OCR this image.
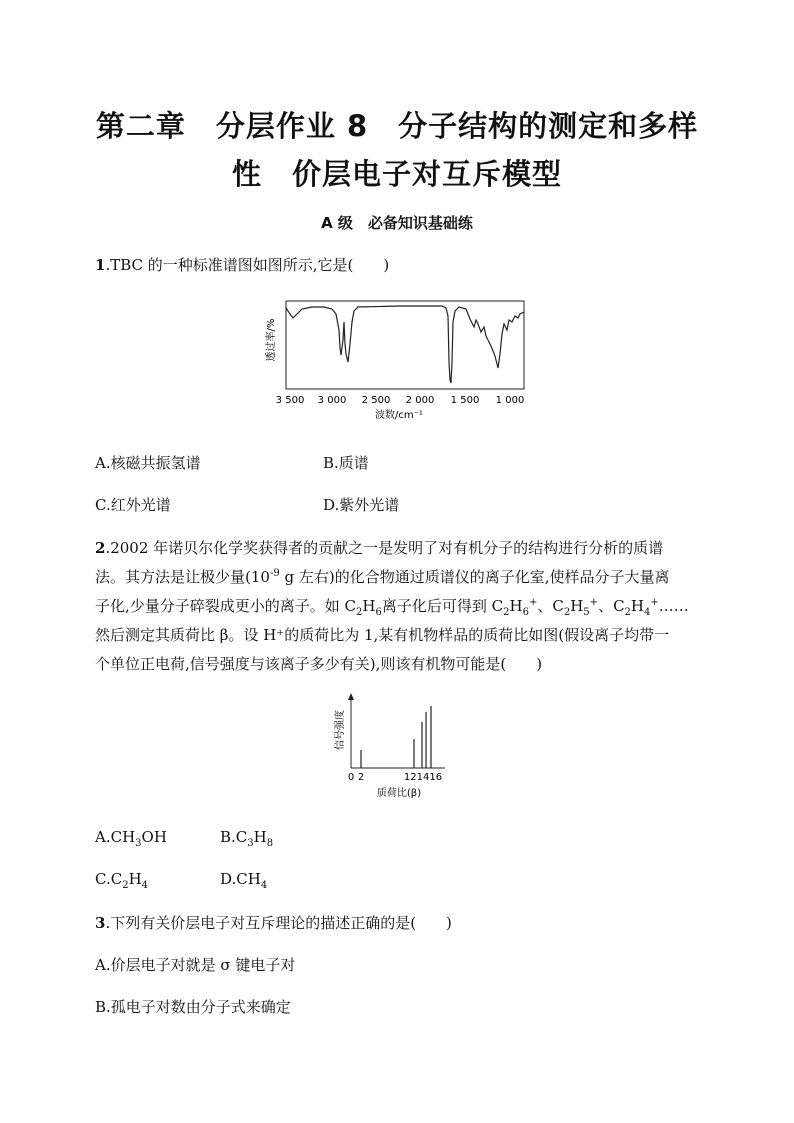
第二章　分层作业 8　分子结构的测定和多样
性　价层电子对互斥模型
A 级　必备知识基础练
1.TBC 的一种标准谱图如图所示,它是(　　)
透过率/%
3 500 3 000 2 500 2 000 1 500 1 000
波数/cm⁻¹
A.核磁共振氢谱	B.质谱
C.红外光谱	D.紫外光谱
2.2002 年诺贝尔化学奖获得者的贡献之一是发明了对有机分子的结构进行分析的质谱
法。其方法是让极少量($10^{-9}$ g 左右)的化合物通过质谱仪的离子化室,使样品分子大量离
子化,少量分子碎裂成更小的离子。如 $C_2H_6$离子化后可得到 $C_2H_6^+$、$C_2H_5^+$、$C_2H_4^+\dots\dots$
然后测定其质荷比 β。设 H⁺的质荷比为 1,某有机物样品的质荷比如图(假设离子均带一
个单位正电荷,信号强度与该离子多少有关),则该有机物可能是(　　)
信号强度
0 2	121416
质荷比(β)
$A.CH_3OH$	$B.C_3H_8$
$C.C_2H_4$	$D.CH_4$
3.下列有关价层电子对互斥理论的描述正确的是(　　)
A.价层电子对就是 σ 键电子对
B.孤电子对数由分子式来确定
